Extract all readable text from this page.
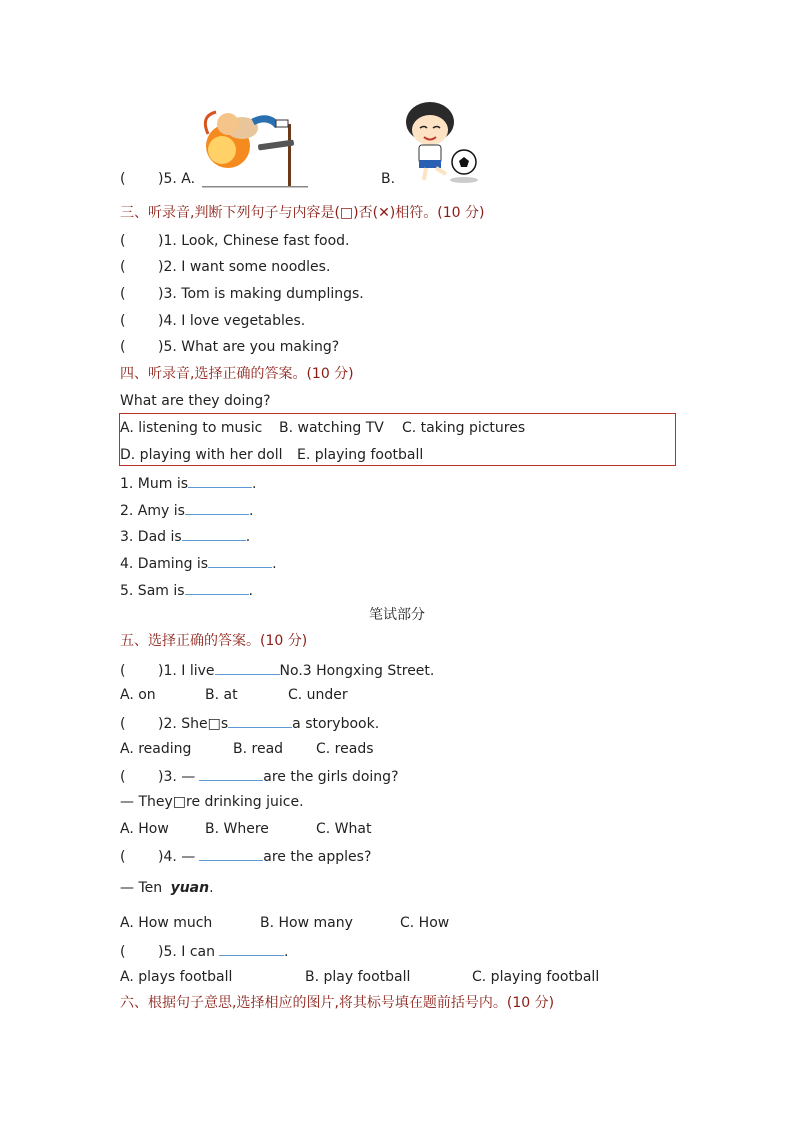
( )5. A.	B.
三、听录音,判断下列句子与内容是(□)否(✕)相符。(10 分)
( )1. Look, Chinese fast food.
( )2. I want some noodles.
( )3. Tom is making dumplings.
( )4. I love vegetables.
( )5. What are you making?
四、听录音,选择正确的答案。(10 分)
What are they doing?
A. listening to music B. watching TV C. taking pictures
D. playing with her doll E. playing football
1. Mum is	.
2. Amy is	.
3. Dad is	.
4. Daming is	.
5. Sam is	.
笔试部分
五、选择正确的答案。(10 分)
( )1. I live	No.3 Hongxing Street.
A. on	B. at	C. under
( )2. She□s	a storybook.
A. reading	B. read C. reads
( )3. —	are the girls doing?
— They□re drinking juice.
A. How	B. Where	C. What
( )4. —	are the apples?
— Ten yuan.
A. How much	B. How many	C. How
( )5. I can	.
A. plays football	B. play football	C. playing football
六、根据句子意思,选择相应的图片,将其标号填在题前括号内。(10 分)
